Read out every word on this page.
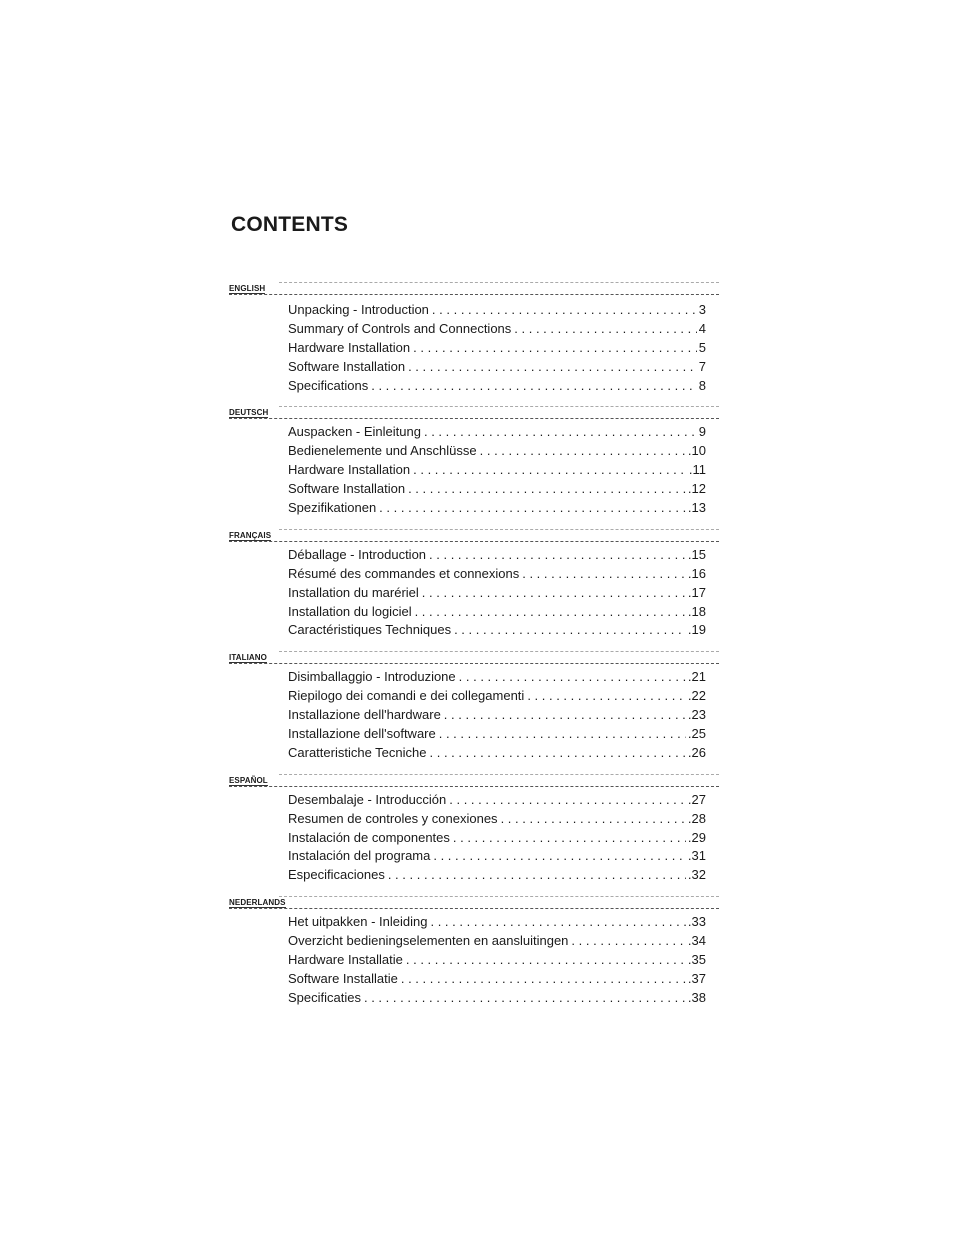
CONTENTS
ENGLISH
Unpacking - Introduction . . .	3
Summary of Controls and Connections . . .	4
Hardware Installation . . .	5
Software Installation . . .	7
Specifications . . .	8
DEUTSCH
Auspacken - Einleitung . . .	9
Bedienelemente und Anschlüsse . . .	.10
Hardware Installation . . .	.11
Software Installation . . .	.12
Spezifikationen . . .	.13
FRANÇAIS
Déballage - Introduction . . .	.15
Résumé des commandes et connexions . . .	.16
Installation du marériel . . .	.17
Installation du logiciel . . .	.18
Caractéristiques Techniques . . .	.19
ITALIANO
Disimballaggio - Introduzione . . .	.21
Riepilogo dei comandi e dei collegamenti . . .	.22
Installazione dell'hardware . . .	.23
Installazione dell'software . . .	.25
Caratteristiche Tecniche . . .	.26
ESPAÑOL
Desembalaje - Introducción . . .	.27
Resumen de controles y conexiones . . .	.28
Instalación de componentes . . .	.29
Instalación del programa . . .	.31
Especificaciones . . .	.32
NEDERLANDS
Het uitpakken - Inleiding . . .	.33
Overzicht bedieningselementen en aansluitingen . . .	.34
Hardware Installatie . . .	.35
Software Installatie . . .	.37
Specificaties . . .	.38
